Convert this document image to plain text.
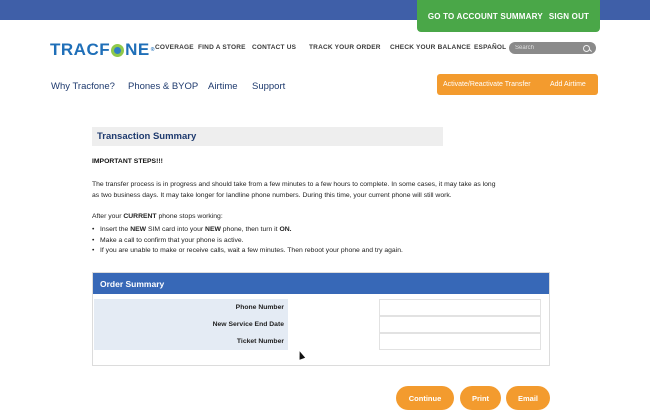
GO TO ACCOUNT SUMMARY SIGN OUT
TRACF NE ® COVERAGE FIND A STORE CONTACT US TRACK YOUR ORDER CHECK YOUR BALANCE ESPAÑOL
Search
Why Tracfone? Phones & BYOP Airtime Support	Activate/Reactivate Transfer	Add Airtime
Transaction Summary
IMPORTANT STEPS!!!
The transfer process is in progress and should take from a few minutes to a few hours to complete. In some cases, it may take as long
as two business days. It may take longer for landline phone numbers. During this time, your current phone will still work.
After your CURRENT phone stops working:
• Insert the NEW SIM card into your NEW phone, then turn it ON.
• Make a call to confirm that your phone is active.
• If you are unable to make or receive calls, wait a few minutes. Then reboot your phone and try again.
Order Summary
Phone Number
New Service End Date
Ticket Number
Continue	Print	Email
